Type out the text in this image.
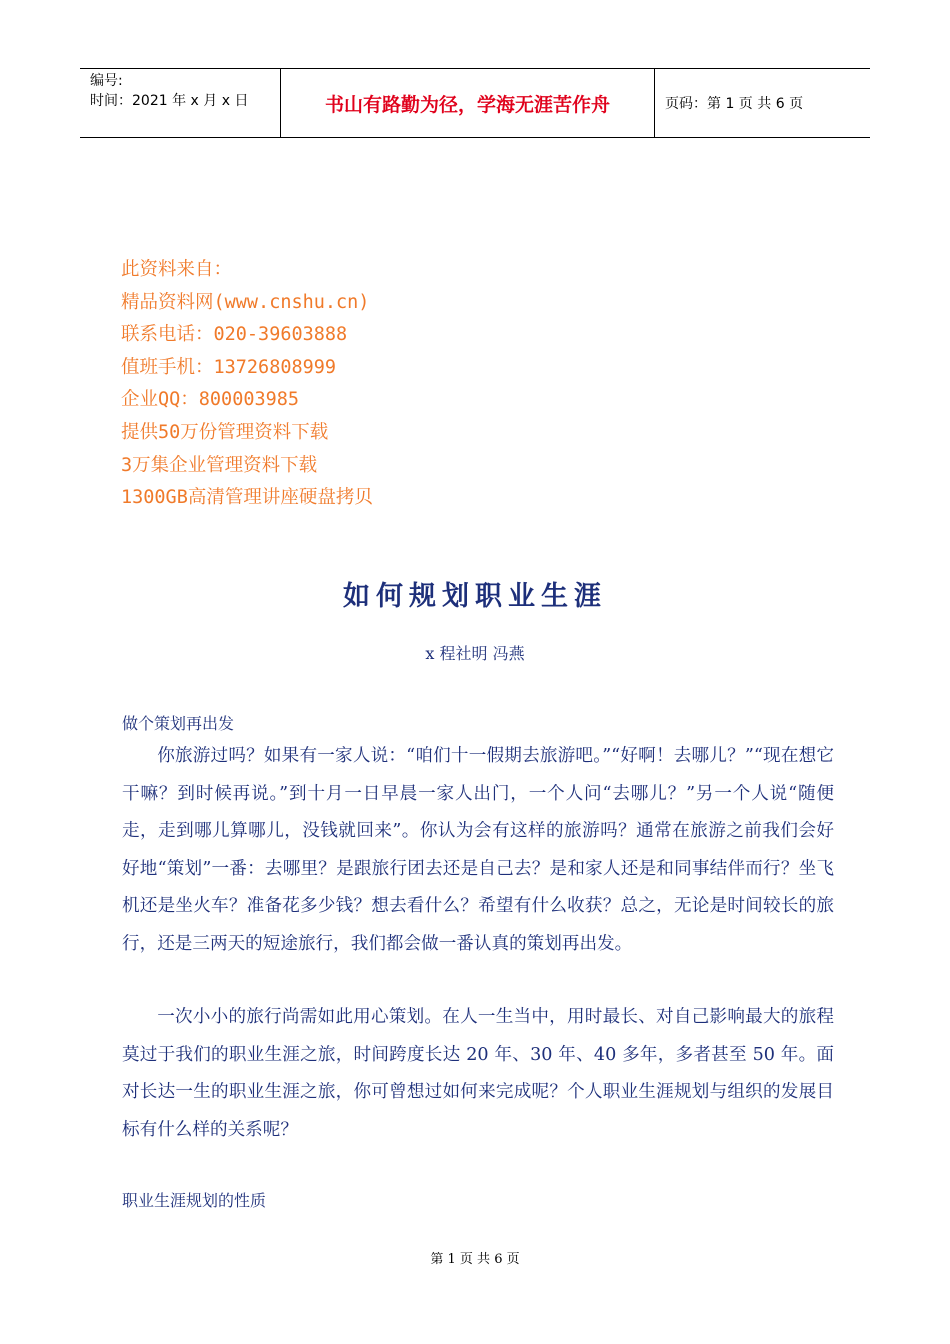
编号:
时间：2021 年 x 月 x 日	书山有路勤为径，学海无涯苦作舟	页码：第 1 页 共 6 页
此资料来自：
精品资料网(www.cnshu.cn)
联系电话：020-39603888
值班手机：13726808999
企业QQ：800003985
提供50万份管理资料下载
3万集企业管理资料下载
1300GB高清管理讲座硬盘拷贝
如何规划职业生涯
x 程社明 冯燕
做个策划再出发

你旅游过吗？如果有一家人说：“咱们十一假期去旅游吧。”“好啊！去哪儿？”“现在想它干嘛？到时候再说。”到十月一日早晨一家人出门，一个人问“去哪儿？”另一个人说“随便走，走到哪儿算哪儿，没钱就回来”。你认为会有这样的旅游吗？通常在旅游之前我们会好好地“策划”一番：去哪里？是跟旅行团去还是自己去？是和家人还是和同事结伴而行？坐飞机还是坐火车？准备花多少钱？想去看什么？希望有什么收获？总之，无论是时间较长的旅行，还是三两天的短途旅行，我们都会做一番认真的策划再出发。

一次小小的旅行尚需如此用心策划。在人一生当中，用时最长、对自己影响最大的旅程莫过于我们的职业生涯之旅，时间跨度长达 20 年、30 年、40 多年，多者甚至 50 年。面对长达一生的职业生涯之旅，你可曾想过如何来完成呢？个人职业生涯规划与组织的发展目标有什么样的关系呢？

职业生涯规划的性质
第 1 页 共 6 页
